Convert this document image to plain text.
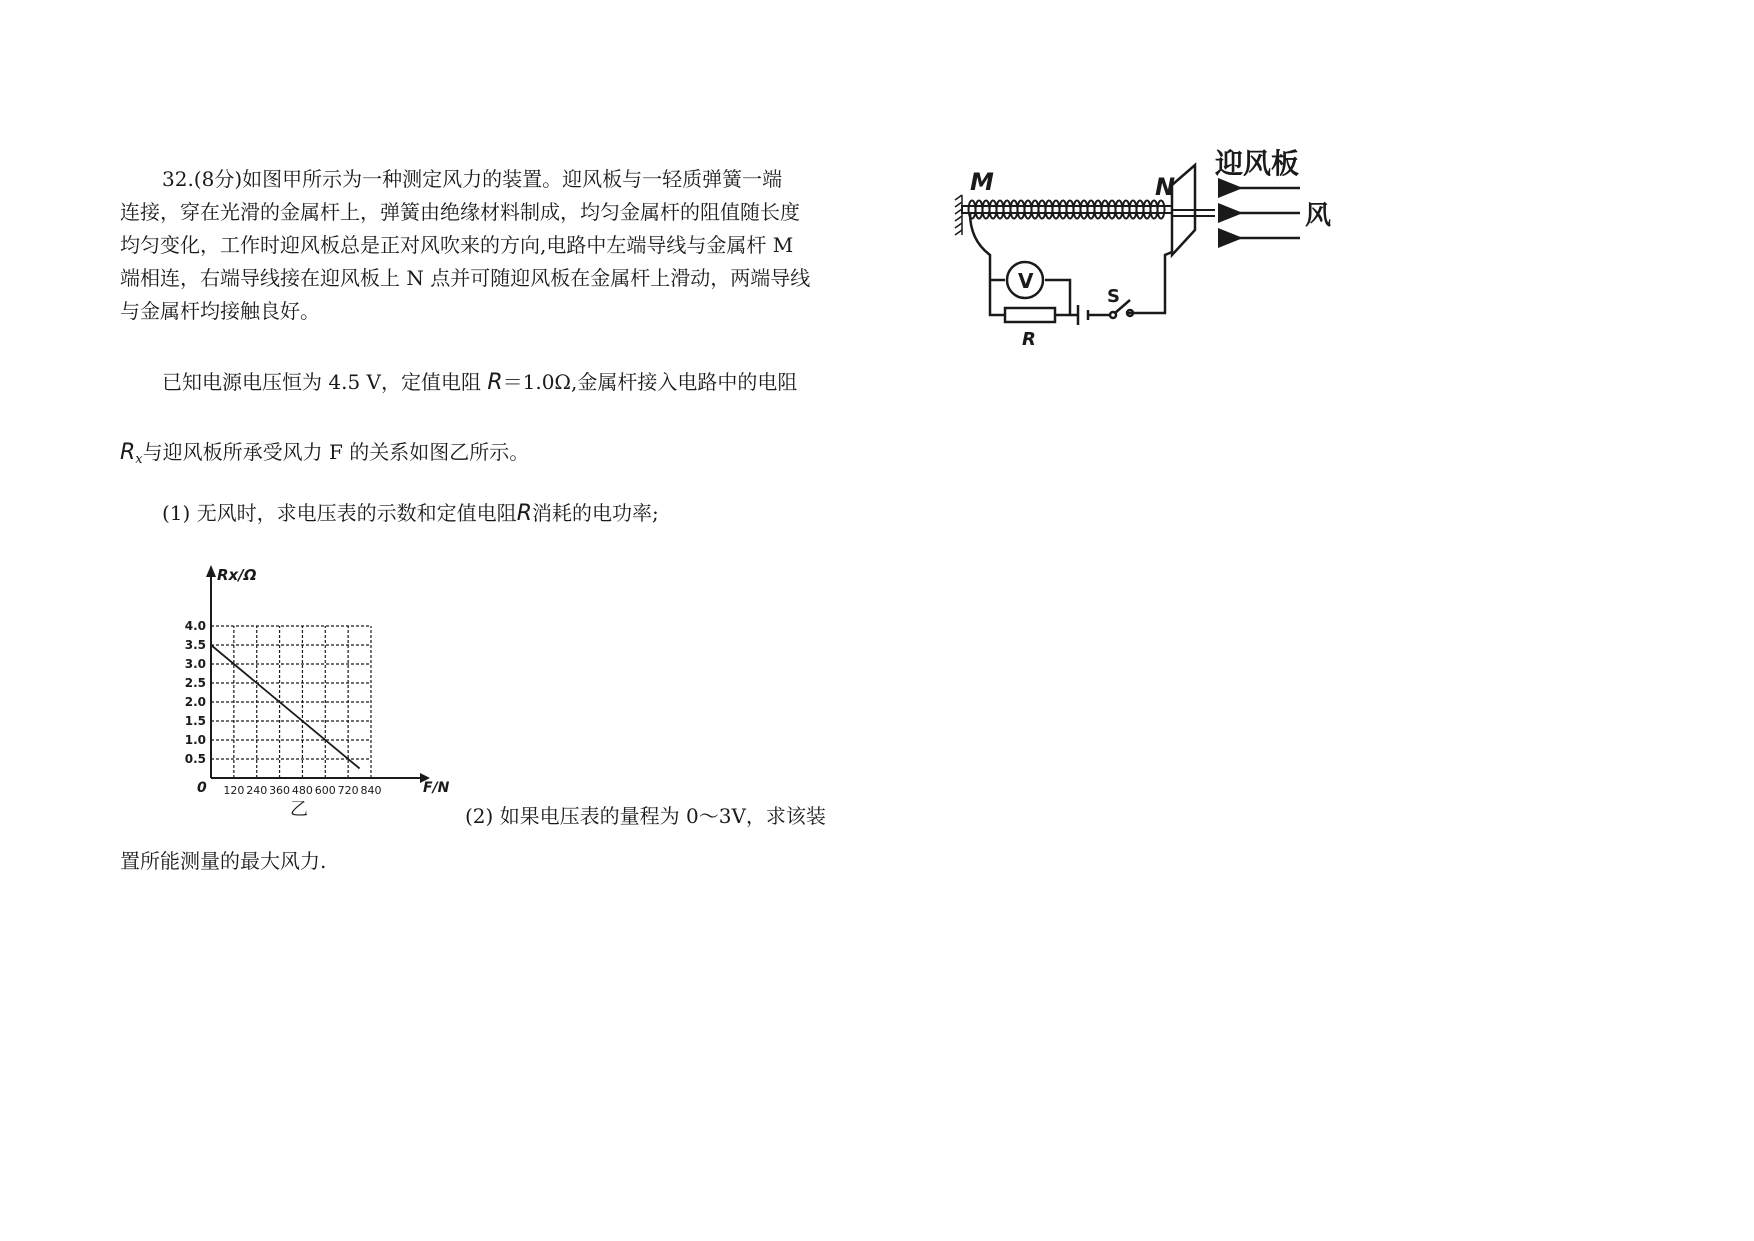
32.(8分)如图甲所示为一种测定风力的装置。迎风板与一轻质弹簧一端

连接，穿在光滑的金属杆上，弹簧由绝缘材料制成，均匀金属杆的阻值随长度

均匀变化，工作时迎风板总是正对风吹来的方向,电路中左端导线与金属杆 M

端相连，右端导线接在迎风板上 N 点并可随迎风板在金属杆上滑动，两端导线

与金属杆均接触良好。

已知电源电压恒为 4.5 V，定值电阻 R＝1.0Ω,金属杆接入电路中的电阻
$R_x$与迎风板所承受风力 F 的关系如图乙所示。
(1) 无风时，求电压表的示数和定值电阻R消耗的电功率;
(2) 如果电压表的量程为 0～3V，求该装
置所能测量的最大风力.
M	N
迎风板
风
V
R
S
120 240 360 480 600 720 840
0.5
1.0
1.5
2.0
2.5
3.0
3.5
4.0
Rx/Ω
F/N
0
乙
